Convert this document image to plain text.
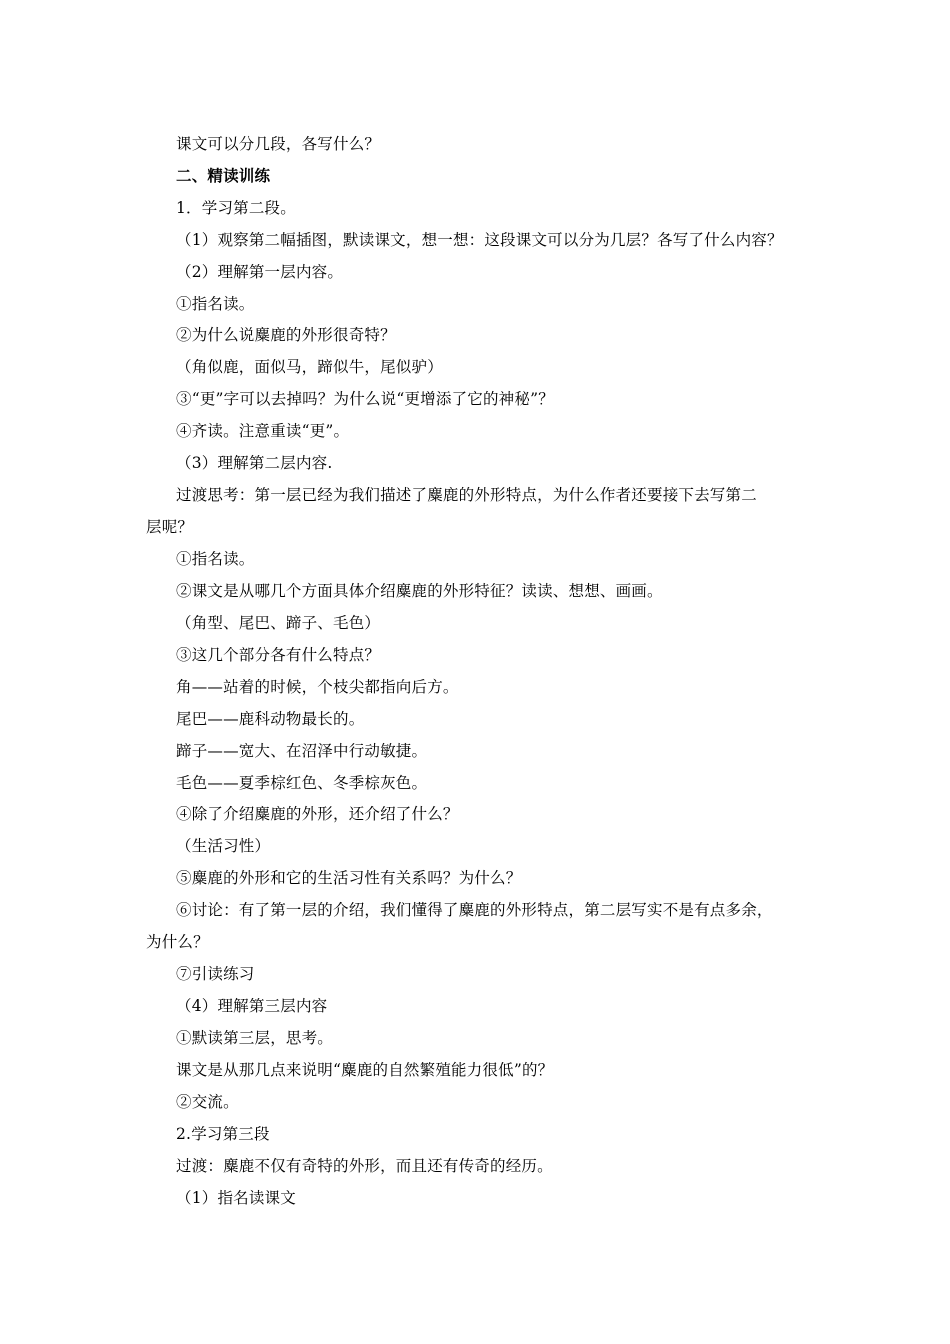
课文可以分几段，各写什么？
二、精读训练
1．学习第二段。
（1）观察第二幅插图，默读课文，想一想：这段课文可以分为几层？各写了什么内容？
（2）理解第一层内容。
①指名读。
②为什么说麋鹿的外形很奇特？
（角似鹿，面似马，蹄似牛，尾似驴）
③“更”字可以去掉吗？为什么说“更增添了它的神秘”？
④齐读。注意重读“更”。
（3）理解第二层内容.
过渡思考：第一层已经为我们描述了麋鹿的外形特点，为什么作者还要接下去写第二
层呢？
①指名读。
②课文是从哪几个方面具体介绍麋鹿的外形特征？读读、想想、画画。
（角型、尾巴、蹄子、毛色）
③这几个部分各有什么特点？
角——站着的时候，个枝尖都指向后方。
尾巴——鹿科动物最长的。
蹄子——宽大、在沼泽中行动敏捷。
毛色——夏季棕红色、冬季棕灰色。
④除了介绍麋鹿的外形，还介绍了什么？
（生活习性）
⑤麋鹿的外形和它的生活习性有关系吗？为什么？
⑥讨论：有了第一层的介绍，我们懂得了麋鹿的外形特点，第二层写实不是有点多余，
为什么？
⑦引读练习
（4）理解第三层内容
①默读第三层，思考。
课文是从那几点来说明“麋鹿的自然繁殖能力很低”的？
②交流。
2.学习第三段
过渡：麋鹿不仅有奇特的外形，而且还有传奇的经历。
（1）指名读课文
